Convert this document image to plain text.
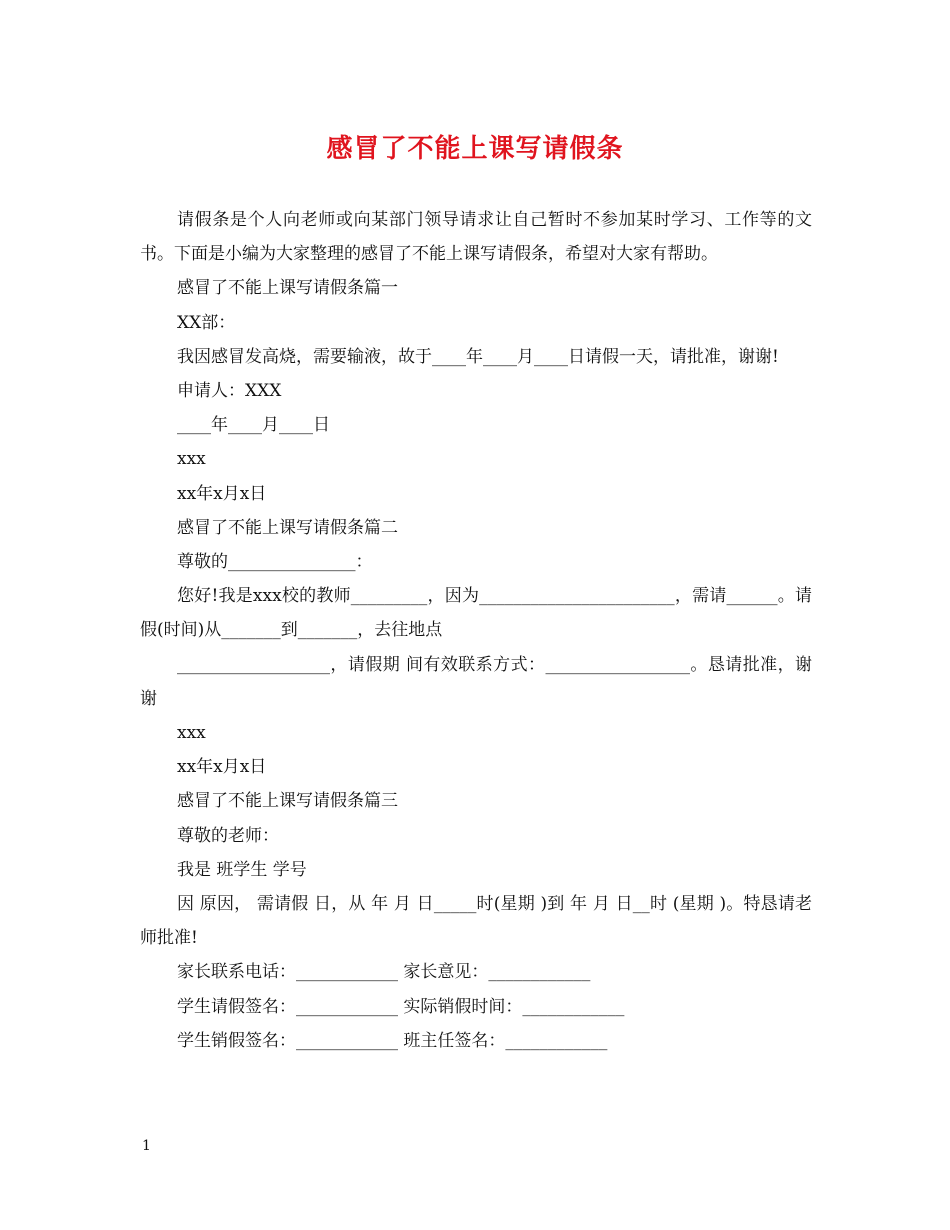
感冒了不能上课写请假条

请假条是个人向老师或向某部门领导请求让自己暂时不参加某时学习、工作等的文书。下面是小编为大家整理的感冒了不能上课写请假条，希望对大家有帮助。

感冒了不能上课写请假条篇一

XX部：

我因感冒发高烧，需要输液，故于____年____月____日请假一天，请批准，谢谢!

申请人：XXX

____年____月____日

xxx

xx年x月x日

感冒了不能上课写请假条篇二

尊敬的_______________：

您好!我是xxx校的教师_________，因为_______________________，需请______。请假(时间)从_______到_______，去往地点

__________________，请假期 间有效联系方式：_________________。恳请批准，谢谢

xxx

xx年x月x日

感冒了不能上课写请假条篇三

尊敬的老师：

我是 班学生 学号

因 原因， 需请假 日，从 年 月 日_____时(星期 )到 年 月 日__时 (星期 )。特恳请老师批准!

家长联系电话：____________ 家长意见：____________

学生请假签名：____________ 实际销假时间：____________

学生销假签名：____________ 班主任签名：____________

1
